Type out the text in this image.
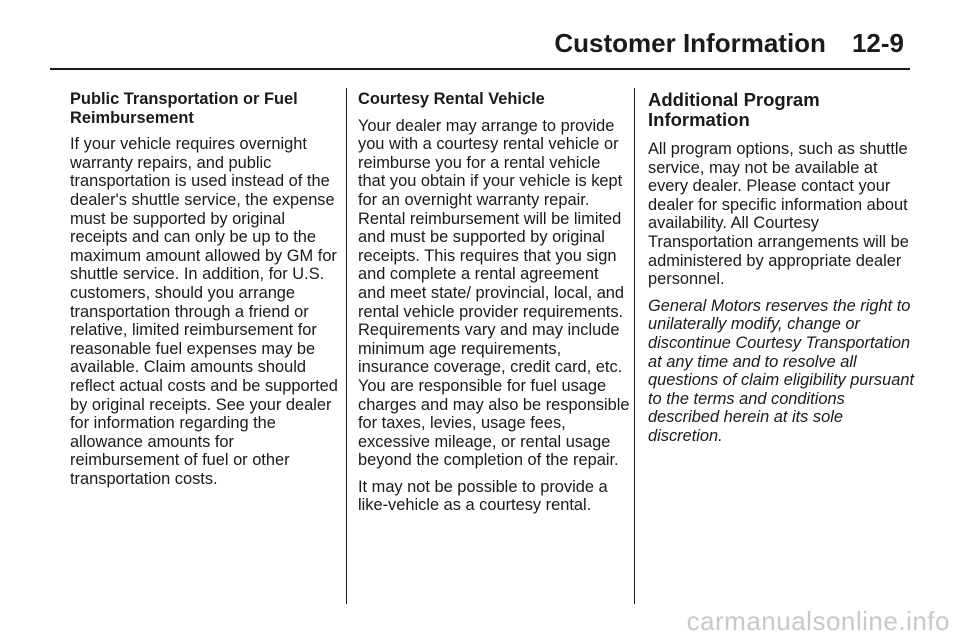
Customer Information 12-9
Public Transportation or Fuel Reimbursement

If your vehicle requires overnight warranty repairs, and public transportation is used instead of the dealer's shuttle service, the expense must be supported by original receipts and can only be up to the maximum amount allowed by GM for shuttle service. In addition, for U.S. customers, should you arrange transportation through a friend or relative, limited reimbursement for reasonable fuel expenses may be available. Claim amounts should reflect actual costs and be supported by original receipts. See your dealer for information regarding the allowance amounts for reimbursement of fuel or other transportation costs.

Courtesy Rental Vehicle

Your dealer may arrange to provide you with a courtesy rental vehicle or reimburse you for a rental vehicle that you obtain if your vehicle is kept for an overnight warranty repair. Rental reimbursement will be limited and must be supported by original receipts. This requires that you sign and complete a rental agreement and meet state/ provincial, local, and rental vehicle provider requirements. Requirements vary and may include minimum age requirements, insurance coverage, credit card, etc. You are responsible for fuel usage charges and may also be responsible for taxes, levies, usage fees, excessive mileage, or rental usage beyond the completion of the repair.

It may not be possible to provide a like-vehicle as a courtesy rental.

Additional Program Information

All program options, such as shuttle service, may not be available at every dealer. Please contact your dealer for specific information about availability. All Courtesy Transportation arrangements will be administered by appropriate dealer personnel.

General Motors reserves the right to unilaterally modify, change or discontinue Courtesy Transportation at any time and to resolve all questions of claim eligibility pursuant to the terms and conditions described herein at its sole discretion.

carmanualsonline.info
